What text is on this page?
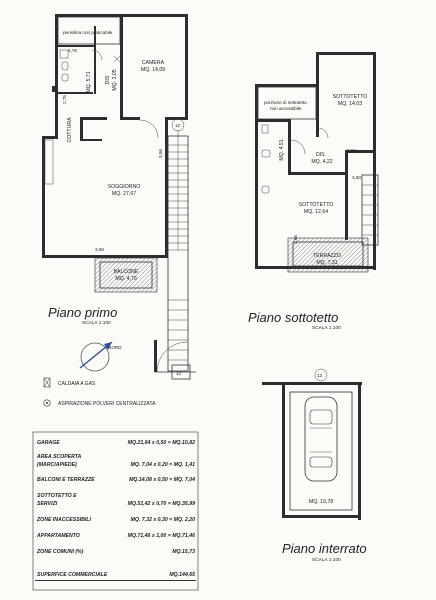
pensilina non praticabile
12
12
CAMERA
MQ. 14,09
MQ. 5,71	DIS MQ. 2,05
COTTURA
SOGGIORNO
MQ. 27,67
BALCONE
MQ. 4,70
2,76
2,75
3,56
3,56
Piano primo
SCALA 1:100
porzione di sottotetto
non accessibile
SOTTOTETTO
MQ. 14,03
MQ. 4,51	DIS.
MQ. 4,22
SOTTOTETTO
MQ. 12,64
TERRAZZO
MQ. 7,31
0,84
3,60
2,65
Piano sottotetto
SCALA 1:100
NORD
CALDAIA A GAS
ASPIRAZIONE POLVERI CENTRALIZZATA
12
MQ. 19,78
Piano interrato
SCALA 1:100
GARAGE	MQ.21,64 x 0,50 = MQ.10,82
AREA SCOPERTA
(MARCIAPIEDE)	MQ. 7,04 x 0,20 = MQ. 1,41
BALCONI E TERRAZZE	MQ.14,08 x 0,50 = MQ. 7,04
SOTTOTETTO E
SERVIZI	MQ.51,42 x 0,70 = MQ.35,99
ZONE INACCESSIBILI	MQ. 7,32 x 0,30 = MQ. 2,20
APPARTAMENTO	MQ.71,46 x 1,00 = MQ.71,46
ZONE COMUNI (%)	MQ.15,73
SUPERFICE COMMERCIALE	MQ.144,65
